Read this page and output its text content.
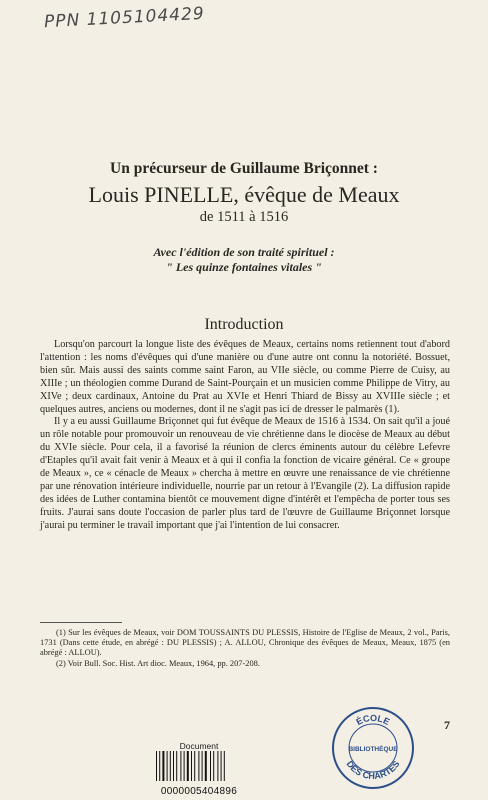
PPN 1105104429
Un précurseur de Guillaume Briçonnet :
Louis PINELLE, évêque de Meaux
de 1511 à 1516
Avec l'édition de son traité spirituel :
" Les quinze fontaines vitales "
Introduction

Lorsqu'on parcourt la longue liste des évêques de Meaux, certains noms retiennent tout d'abord l'attention : les noms d'évêques qui d'une manière ou d'une autre ont connu la notoriété. Bossuet, bien sûr. Mais aussi des saints comme saint Faron, au VIIe siècle, ou comme Pierre de Cuisy, au XIIIe ; un théologien comme Durand de Saint-Pourçain et un musicien comme Philippe de Vitry, au XIVe ; deux cardinaux, Antoine du Prat au XVIe et Henri Thiard de Bissy au XVIIIe siècle ; et quelques autres, anciens ou modernes, dont il ne s'agit pas ici de dresser le palmarès (1).

Il y a eu aussi Guillaume Briçonnet qui fut évêque de Meaux de 1516 à 1534. On sait qu'il a joué un rôle notable pour promouvoir un renouveau de vie chrétienne dans le diocèse de Meaux au début du XVIe siècle. Pour cela, il a favorisé la réunion de clercs éminents autour du célèbre Lefevre d'Etaples qu'il avait fait venir à Meaux et à qui il confia la fonction de vicaire général. Ce « groupe de Meaux », ce « cénacle de Meaux » chercha à mettre en œuvre une renaissance de vie chrétienne par une rénovation intérieure individuelle, nourrie par un retour à l'Evangile (2). La diffusion rapide des idées de Luther contamina bientôt ce mouvement digne d'intérêt et l'empêcha de porter tous ses fruits. J'aurai sans doute l'occasion de parler plus tard de l'œuvre de Guillaume Briçonnet lorsque j'aurai pu terminer le travail important que j'ai l'intention de lui consacrer.

(1) Sur les évêques de Meaux, voir DOM TOUSSAINTS DU PLESSIS, Histoire de l'Eglise de Meaux, 2 vol., Paris, 1731 (Dans cette étude, en abrégé : DU PLESSIS) ; A. ALLOU, Chronique des évêques de Meaux, Meaux, 1875 (en abrégé : ALLOU).

(2) Voir Bull. Soc. Hist. Art dioc. Meaux, 1964, pp. 207-208.

7
ÉCOLE
BIBLIOTHÈQUE
DES CHARTES
Document
0000005404896
